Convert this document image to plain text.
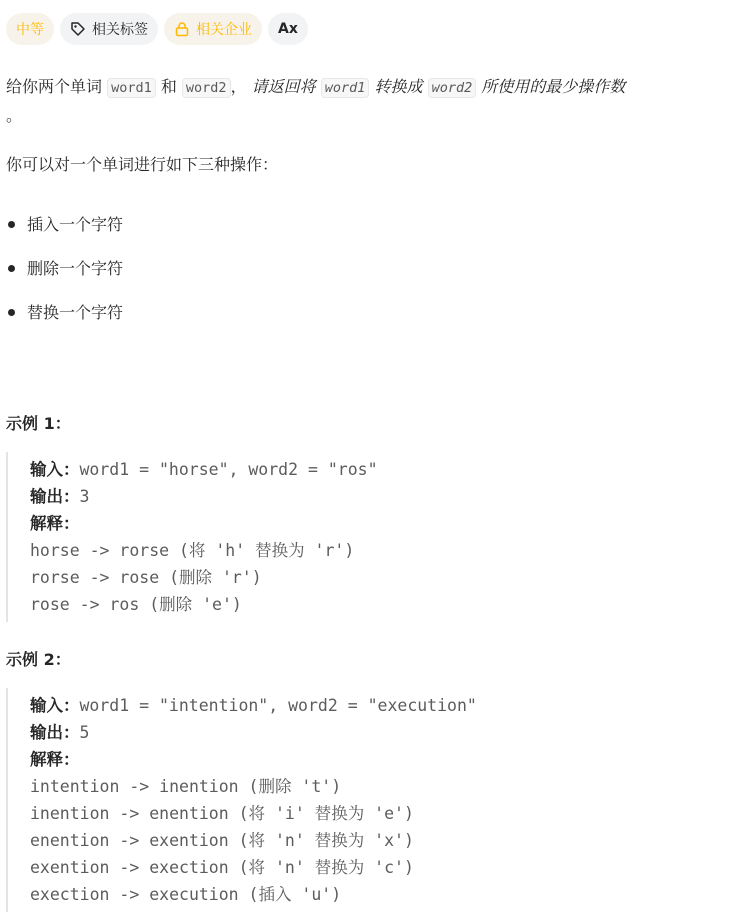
中等	相关标签	相关企业 Ax

给你两个单词 word1 和 word2 ， 请返回将 word1 转换成 word2 所使用的最少操作数
。

你可以对一个单词进行如下三种操作：

插入一个字符
删除一个字符
替换一个字符
示例 1：
输入：word1 = "horse", word2 = "ros"
输出：3
解释：
horse -> rorse (将 'h' 替换为 'r')
rorse -> rose (删除 'r')
rose -> ros (删除 'e')
示例 2：
输入：word1 = "intention", word2 = "execution"
输出：5
解释：
intention -> inention (删除 't')
inention -> enention (将 'i' 替换为 'e')
enention -> exention (将 'n' 替换为 'x')
exention -> exection (将 'n' 替换为 'c')
exection -> execution (插入 'u')
